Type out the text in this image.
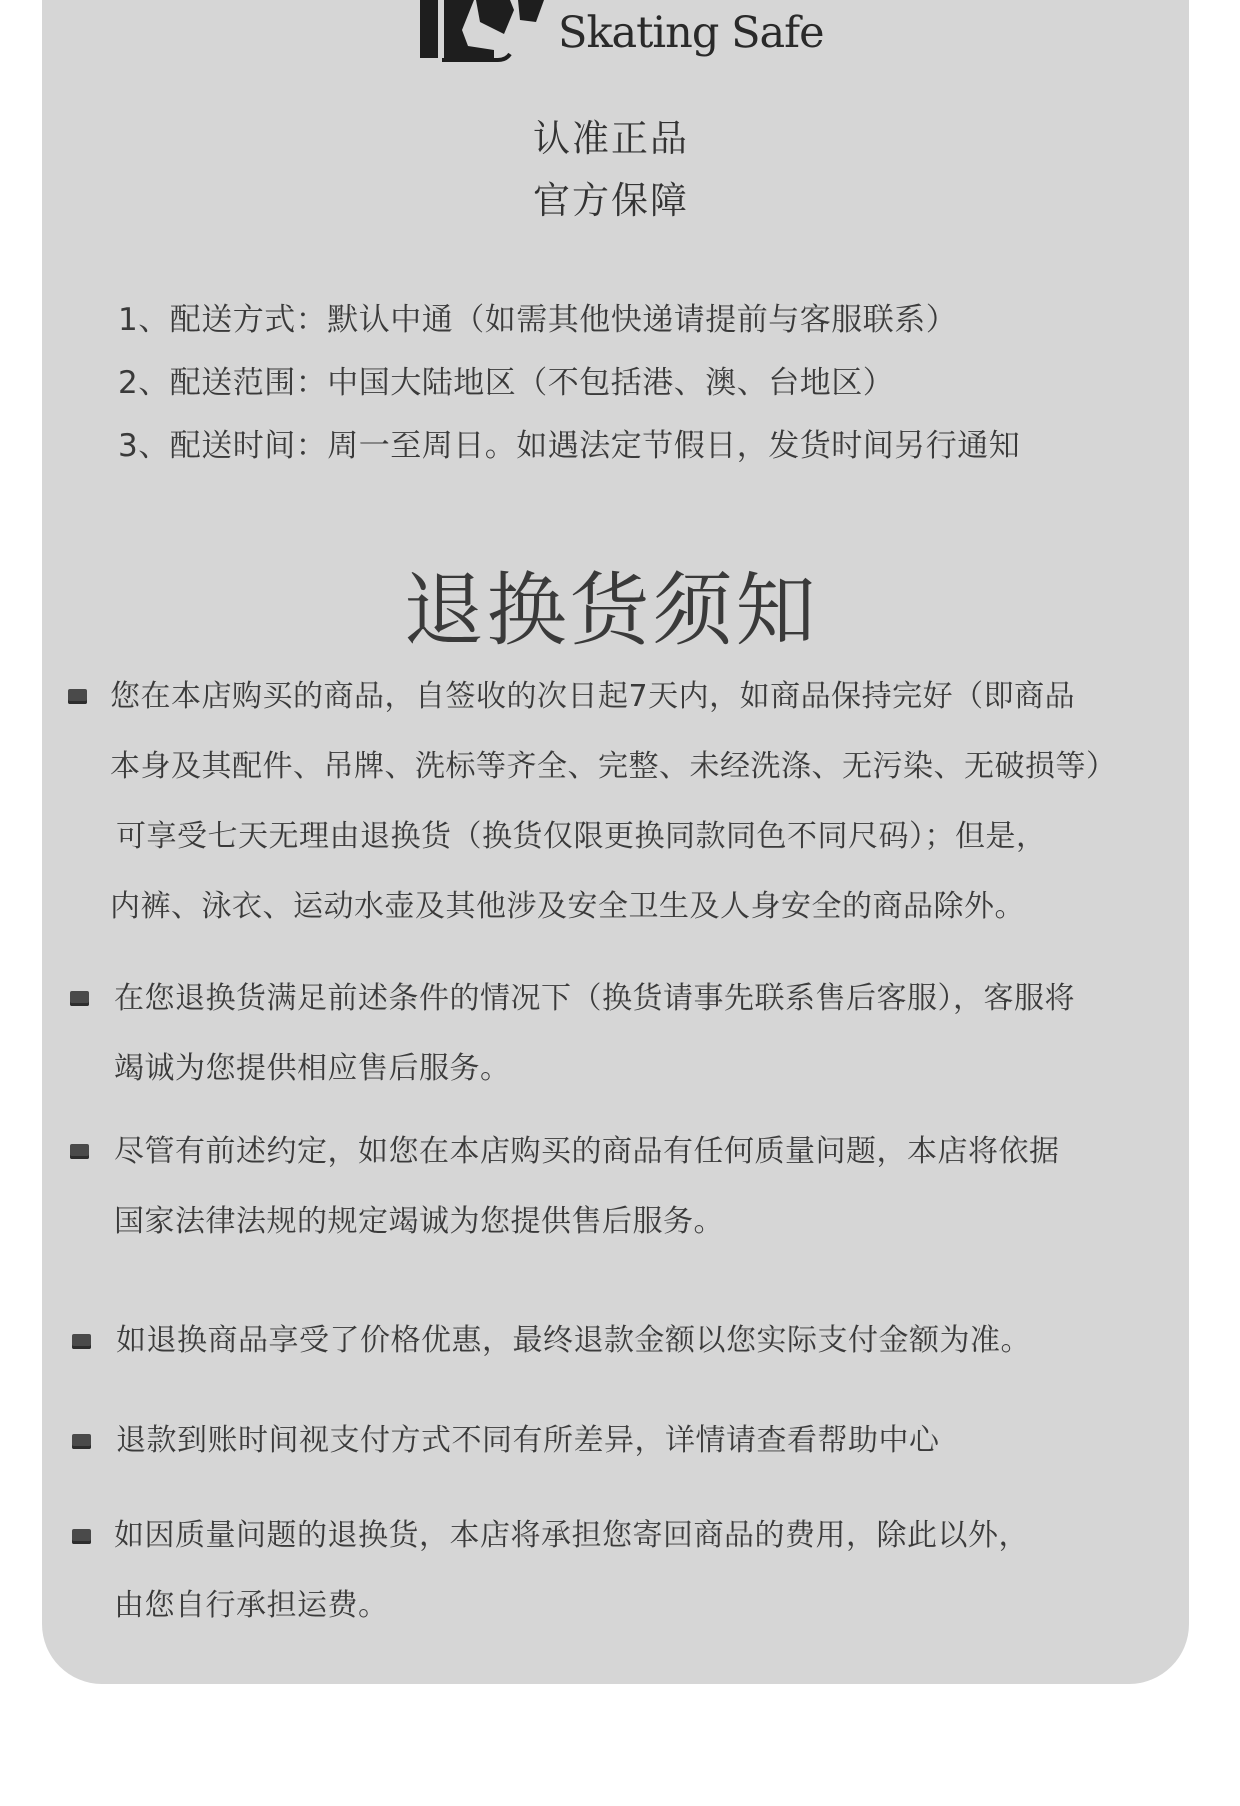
Skating Safe
认准正品
官方保障
1、配送方式：默认中通（如需其他快递请提前与客服联系）
2、配送范围：中国大陆地区（不包括港、澳、台地区）
3、配送时间：周一至周日。如遇法定节假日，发货时间另行通知
退换货须知
您在本店购买的商品，自签收的次日起7天内，如商品保持完好（即商品
本身及其配件、吊牌、洗标等齐全、完整、未经洗涤、无污染、无破损等）
可享受七天无理由退换货（换货仅限更换同款同色不同尺码）；但是，
内裤、泳衣、运动水壶及其他涉及安全卫生及人身安全的商品除外。
在您退换货满足前述条件的情况下（换货请事先联系售后客服），客服将
竭诚为您提供相应售后服务。
尽管有前述约定，如您在本店购买的商品有任何质量问题，本店将依据
国家法律法规的规定竭诚为您提供售后服务。
如退换商品享受了价格优惠，最终退款金额以您实际支付金额为准。
退款到账时间视支付方式不同有所差异，详情请查看帮助中心
如因质量问题的退换货，本店将承担您寄回商品的费用，除此以外，
由您自行承担运费。
